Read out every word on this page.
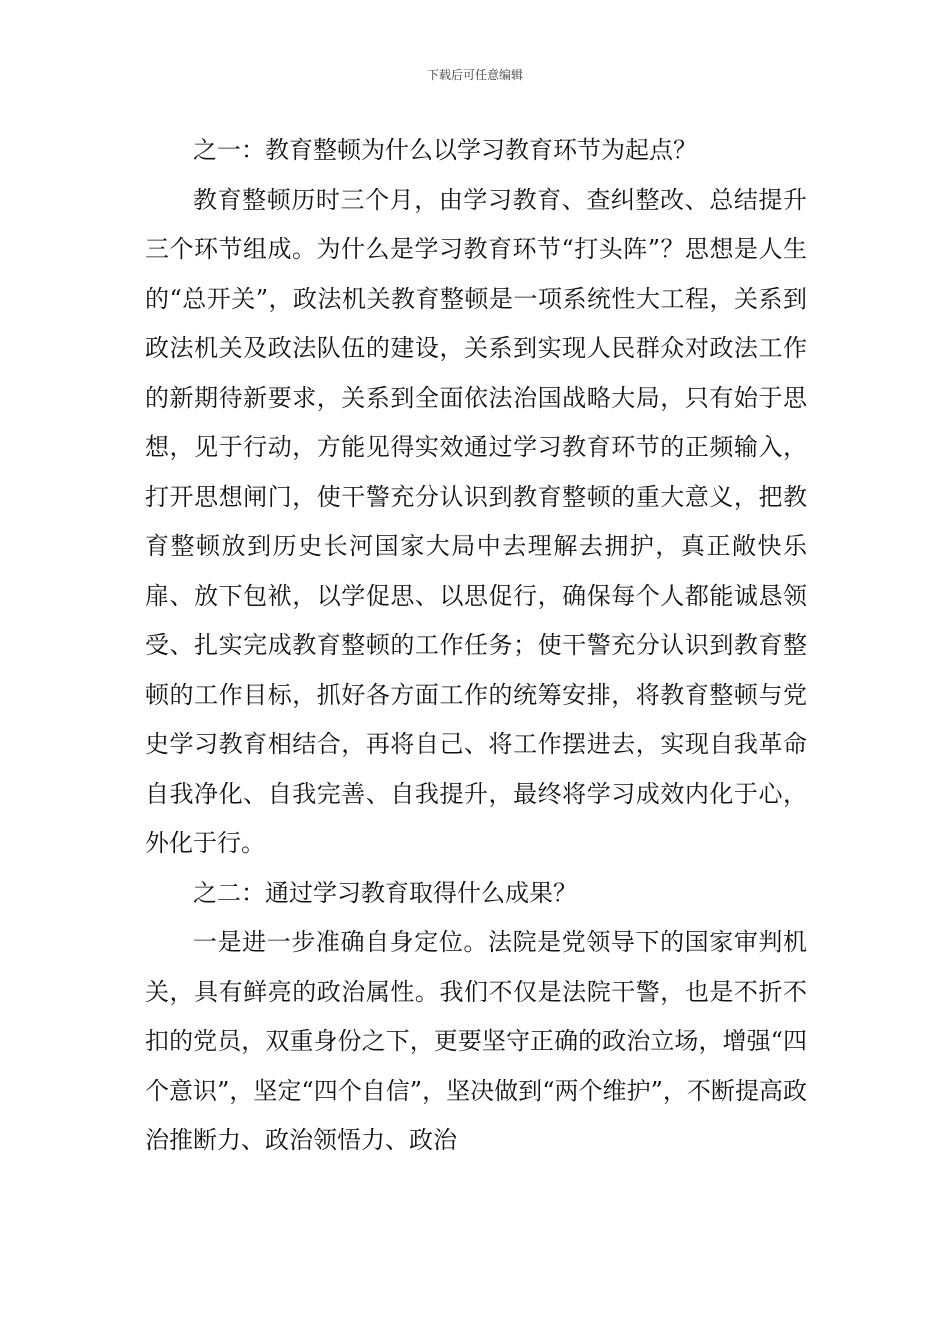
下载后可任意编辑

之一：教育整顿为什么以学习教育环节为起点？

教育整顿历时三个月，由学习教育、查纠整改、总结提升三个环节组成。为什么是学习教育环节“打头阵”？思想是人生的“总开关”，政法机关教育整顿是一项系统性大工程，关系到政法机关及政法队伍的建设，关系到实现人民群众对政法工作的新期待新要求，关系到全面依法治国战略大局，只有始于思想，见于行动，方能见得实效通过学习教育环节的正频输入，打开思想闸门，使干警充分认识到教育整顿的重大意义，把教育整顿放到历史长河国家大局中去理解去拥护，真正敞快乐扉、放下包袱，以学促思、以思促行，确保每个人都能诚恳领受、扎实完成教育整顿的工作任务；使干警充分认识到教育整顿的工作目标，抓好各方面工作的统筹安排，将教育整顿与党史学习教育相结合，再将自己、将工作摆进去，实现自我革命自我净化、自我完善、自我提升，最终将学习成效内化于心，外化于行。

之二：通过学习教育取得什么成果？

一是进一步准确自身定位。法院是党领导下的国家审判机关，具有鲜亮的政治属性。我们不仅是法院干警，也是不折不扣的党员，双重身份之下，更要坚守正确的政治立场，增强“四个意识”，坚定“四个自信”，坚决做到“两个维护”，不断提高政治推断力、政治领悟力、政治
